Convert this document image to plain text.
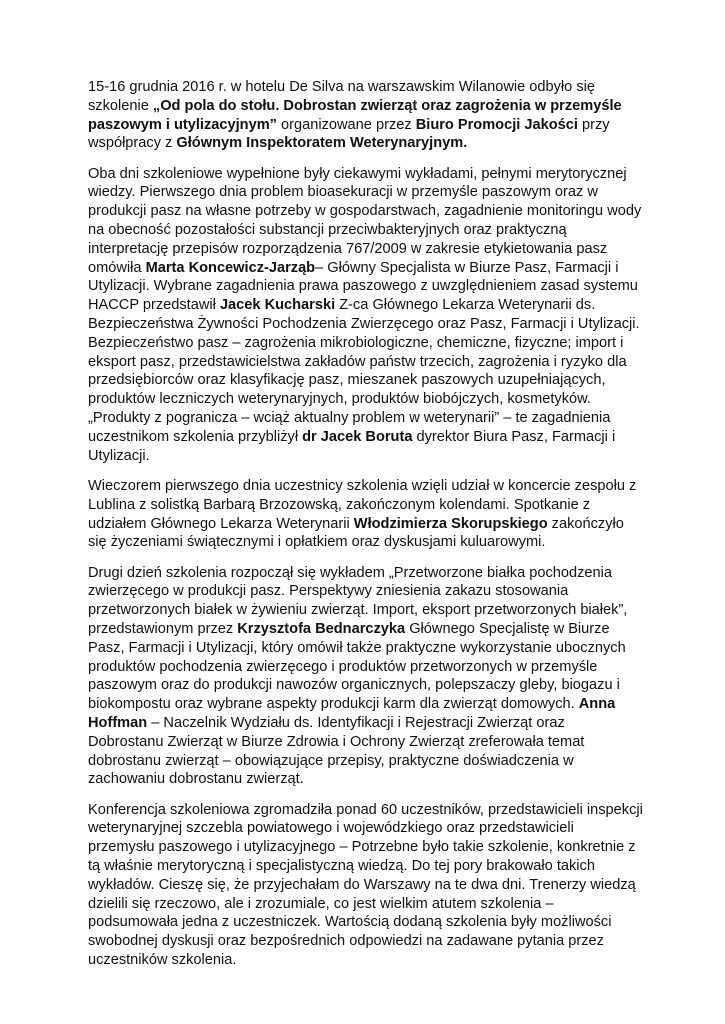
15-16 grudnia 2016 r. w hotelu De Silva na warszawskim Wilanowie odbyło się szkolenie „Od pola do stołu. Dobrostan zwierząt oraz zagrożenia w przemyśle paszowym i utylizacyjnym” organizowane przez Biuro Promocji Jakości przy współpracy z Głównym Inspektoratem Weterynaryjnym.

Oba dni szkoleniowe wypełnione były ciekawymi wykładami, pełnymi merytorycznej wiedzy. Pierwszego dnia problem bioasekuracji w przemyśle paszowym oraz w produkcji pasz na własne potrzeby w gospodarstwach, zagadnienie monitoringu wody na obecność pozostałości substancji przeciwbakteryjnych oraz praktyczną interpretację przepisów rozporządzenia 767/2009 w zakresie etykietowania pasz omówiła Marta Koncewicz-Jarząb– Główny Specjalista w Biurze Pasz, Farmacji i Utylizacji. Wybrane zagadnienia prawa paszowego z uwzględnieniem zasad systemu HACCP przedstawił Jacek Kucharski Z-ca Głównego Lekarza Weterynarii ds. Bezpieczeństwa Żywności Pochodzenia Zwierzęcego oraz Pasz, Farmacji i Utylizacji. Bezpieczeństwo pasz – zagrożenia mikrobiologiczne, chemiczne, fizyczne; import i eksport pasz, przedstawicielstwa zakładów państw trzecich, zagrożenia i ryzyko dla przedsiębiorców oraz klasyfikację pasz, mieszanek paszowych uzupełniających, produktów leczniczych weterynaryjnych, produktów biobójczych, kosmetyków. „Produkty z pogranicza – wciąż aktualny problem w weterynarii” – te zagadnienia uczestnikom szkolenia przybliżył dr Jacek Boruta dyrektor Biura Pasz, Farmacji i Utylizacji.

Wieczorem pierwszego dnia uczestnicy szkolenia wzięli udział w koncercie zespołu z Lublina z solistką Barbarą Brzozowską, zakończonym kolendami. Spotkanie z udziałem Głównego Lekarza Weterynarii Włodzimierza Skorupskiego zakończyło się życzeniami świątecznymi i opłatkiem oraz dyskusjami kuluarowymi.

Drugi dzień szkolenia rozpoczął się wykładem „Przetworzone białka pochodzenia zwierzęcego w produkcji pasz. Perspektywy zniesienia zakazu stosowania przetworzonych białek w żywieniu zwierząt. Import, eksport przetworzonych białek”, przedstawionym przez Krzysztofa Bednarczyka Głównego Specjalistę w Biurze Pasz, Farmacji i Utylizacji, który omówił także praktyczne wykorzystanie ubocznych produktów pochodzenia zwierzęcego i produktów przetworzonych w przemyśle paszowym oraz do produkcji nawozów organicznych, polepszaczy gleby, biogazu i biokompostu oraz wybrane aspekty produkcji karm dla zwierząt domowych. Anna Hoffman – Naczelnik Wydziału ds. Identyfikacji i Rejestracji Zwierząt oraz Dobrostanu Zwierząt w Biurze Zdrowia i Ochrony Zwierząt zreferowała temat dobrostanu zwierząt – obowiązujące przepisy, praktyczne doświadczenia w zachowaniu dobrostanu zwierząt.

Konferencja szkoleniowa zgromadziła ponad 60 uczestników, przedstawicieli inspekcji weterynaryjnej szczebla powiatowego i wojewódzkiego oraz przedstawicieli przemysłu paszowego i utylizacyjnego – Potrzebne było takie szkolenie, konkretnie z tą właśnie merytoryczną i specjalistyczną wiedzą. Do tej pory brakowało takich wykładów. Cieszę się, że przyjechałam do Warszawy na te dwa dni. Trenerzy wiedzą dzielili się rzeczowo, ale i zrozumiale, co jest wielkim atutem szkolenia – podsumowała jedna z uczestniczek. Wartością dodaną szkolenia były możliwości swobodnej dyskusji oraz bezpośrednich odpowiedzi na zadawane pytania przez uczestników szkolenia.
